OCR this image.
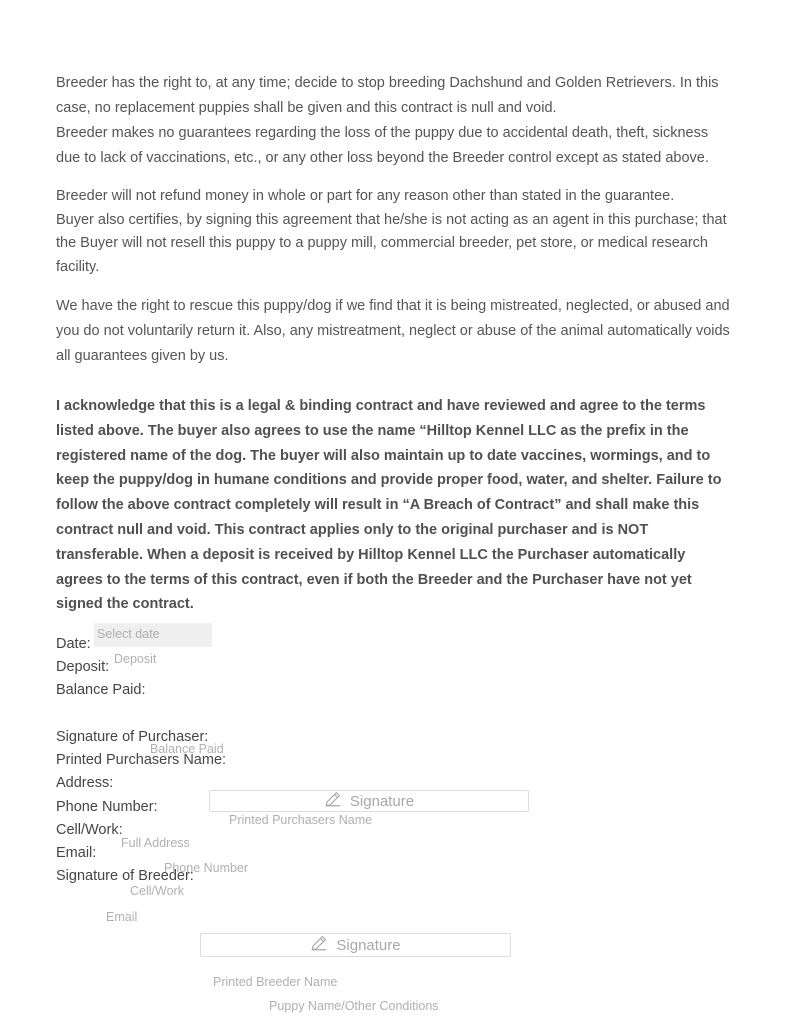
Breeder has the right to, at any time; decide to stop breeding Dachshund and Golden Retrievers. In this case, no replacement puppies shall be given and this contract is null and void.

Breeder makes no guarantees regarding the loss of the puppy due to accidental death, theft, sickness due to lack of vaccinations, etc., or any other loss beyond the Breeder control except as stated above.

Breeder will not refund money in whole or part for any reason other than stated in the guarantee.

Buyer also certifies, by signing this agreement that he/she is not acting as an agent in this purchase; that the Buyer will not resell this puppy to a puppy mill, commercial breeder, pet store, or medical research facility.

We have the right to rescue this puppy/dog if we find that it is being mistreated, neglected, or abused and you do not voluntarily return it. Also, any mistreatment, neglect or abuse of the animal automatically voids all guarantees given by us.

I acknowledge that this is a legal & binding contract and have reviewed and agree to the terms listed above. The buyer also agrees to use the name “Hilltop Kennel LLC as the prefix in the registered name of the dog. The buyer will also maintain up to date vaccines, wormings, and to keep the puppy/dog in humane conditions and provide proper food, water, and shelter. Failure to follow the above contract completely will result in “A Breach of Contract” and shall make this contract null and void. This contract applies only to the original purchaser and is NOT transferable. When a deposit is received by Hilltop Kennel LLC the Purchaser automatically agrees to the terms of this contract, even if both the Breeder and the Purchaser have not yet signed the contract.

Date:
Deposit:
Balance Paid:
Signature of Purchaser:
Printed Purchasers Name:
Address:
Phone Number:
Cell/Work:
Email:
Signature of Breeder:
Select date
Deposit
Balance Paid
Signature
Printed Purchasers Name
Full Address
Phone Number
Cell/Work
Email
Signature
Printed Breeder Name
Puppy Name/Other Conditions
